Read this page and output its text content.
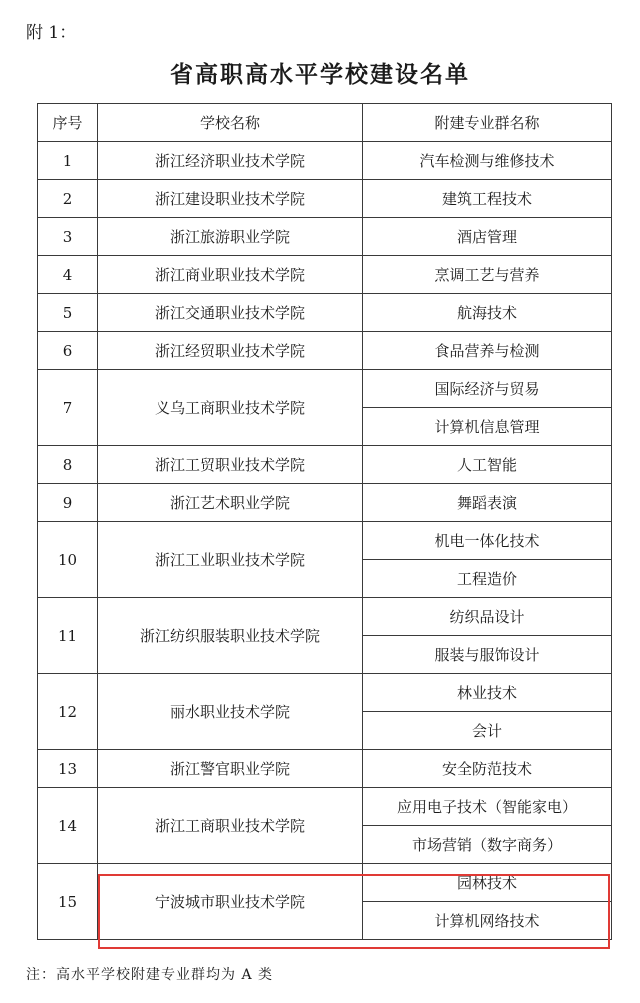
附 1：
省高职高水平学校建设名单
序号	学校名称	附建专业群名称
1	浙江经济职业技术学院	汽车检测与维修技术
2	浙江建设职业技术学院	建筑工程技术
3	浙江旅游职业学院	酒店管理
4	浙江商业职业技术学院	烹调工艺与营养
5	浙江交通职业技术学院	航海技术
6	浙江经贸职业技术学院	食品营养与检测
7	义乌工商职业技术学院	国际经济与贸易
		计算机信息管理
8	浙江工贸职业技术学院	人工智能
9	浙江艺术职业学院	舞蹈表演
10	浙江工业职业技术学院	机电一体化技术
		工程造价
11	浙江纺织服装职业技术学院	纺织品设计
		服装与服饰设计
12	丽水职业技术学院	林业技术
		会计
13	浙江警官职业学院	安全防范技术
14	浙江工商职业技术学院	应用电子技术（智能家电）
		市场营销（数字商务）
15	宁波城市职业技术学院	园林技术
		计算机网络技术
注：高水平学校附建专业群均为 A 类
